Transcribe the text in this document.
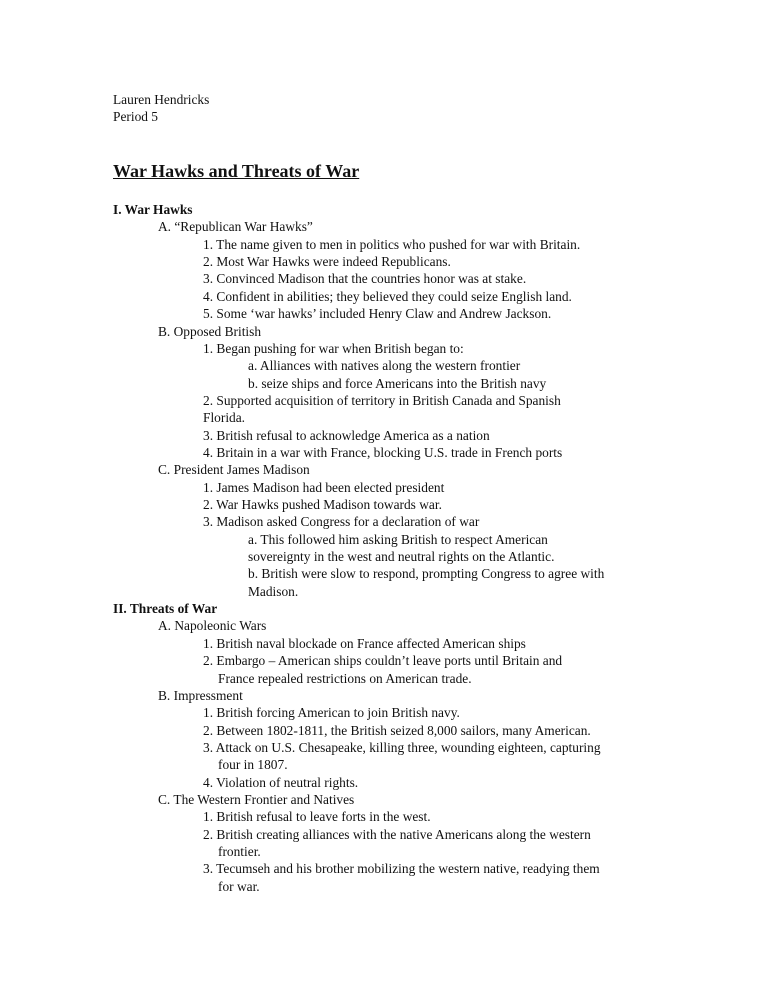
Lauren Hendricks
Period 5
War Hawks and Threats of War
I. War Hawks
A. “Republican War Hawks”
1. The name given to men in politics who pushed for war with Britain.
2. Most War Hawks were indeed Republicans.
3. Convinced Madison that the countries honor was at stake.
4. Confident in abilities; they believed they could seize English land.
5. Some ‘war hawks’ included Henry Claw and Andrew Jackson.
B. Opposed British
1. Began pushing for war when British began to:
a. Alliances with natives along the western frontier
b. seize ships and force Americans into the British navy
2. Supported acquisition of territory in British Canada and Spanish
Florida.
3. British refusal to acknowledge America as a nation
4. Britain in a war with France, blocking U.S. trade in French ports
C. President James Madison
1. James Madison had been elected president
2. War Hawks pushed Madison towards war.
3. Madison asked Congress for a declaration of war
a. This followed him asking British to respect American
sovereignty in the west and neutral rights on the Atlantic.
b. British were slow to respond, prompting Congress to agree with
Madison.
II. Threats of War
A. Napoleonic Wars
1. British naval blockade on France affected American ships
2. Embargo – American ships couldn’t leave ports until Britain and
France repealed restrictions on American trade.
B. Impressment
1. British forcing American to join British navy.
2. Between 1802-1811, the British seized 8,000 sailors, many American.
3. Attack on U.S. Chesapeake, killing three, wounding eighteen, capturing
four in 1807.
4. Violation of neutral rights.
C. The Western Frontier and Natives
1. British refusal to leave forts in the west.
2. British creating alliances with the native Americans along the western
frontier.
3. Tecumseh and his brother mobilizing the western native, readying them
for war.
